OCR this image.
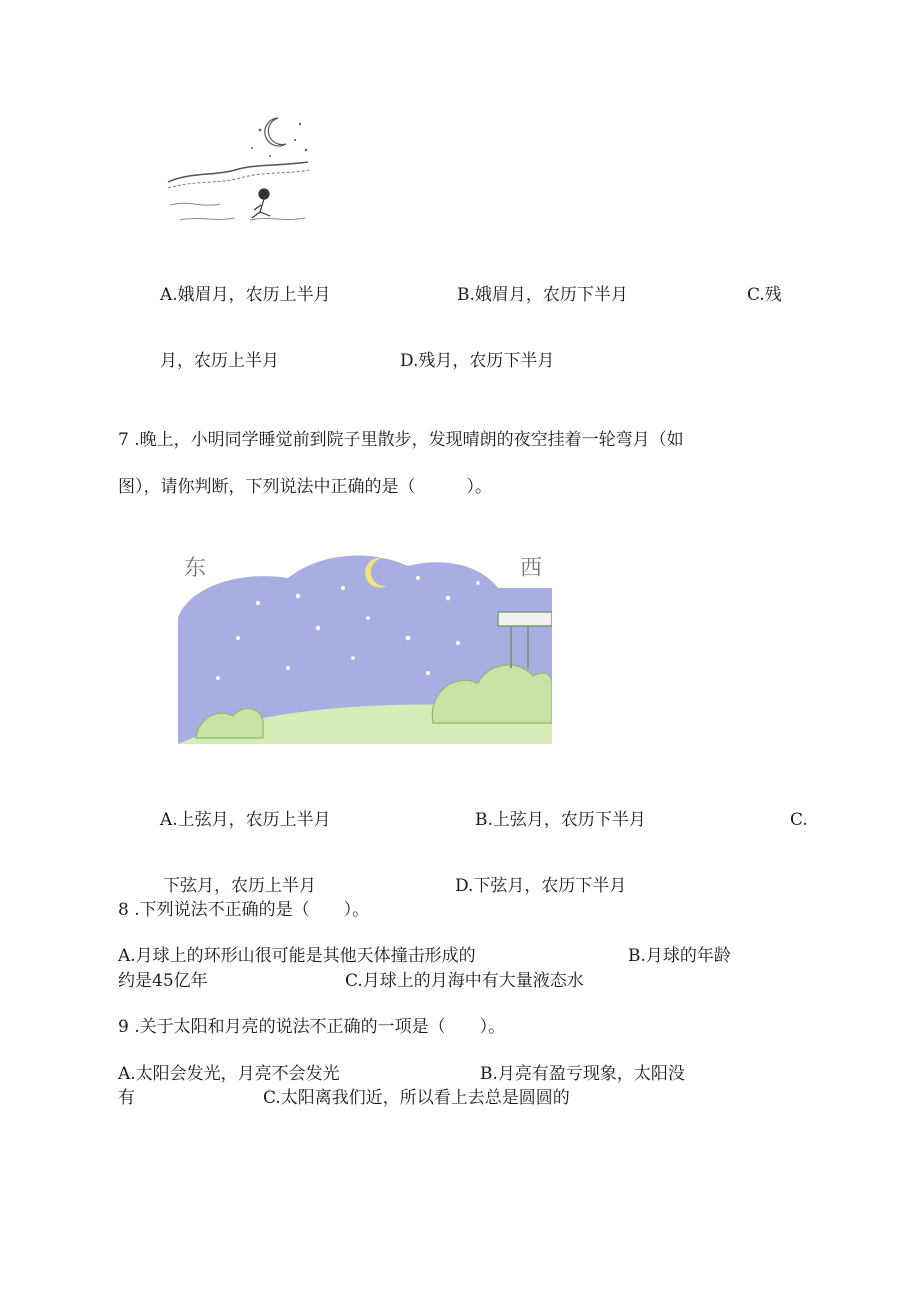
A.娥眉月，农历上半月	B.娥眉月，农历下半月	C.残
月，农历上半月	D.残月，农历下半月
7 .晚上，小明同学睡觉前到院子里散步，发现晴朗的夜空挂着一轮弯月（如
图），请你判断，下列说法中正确的是（　　　）。
东	西
A.上弦月，农历上半月	B.上弦月，农历下半月	C.
下弦月，农历上半月	D.下弦月，农历下半月
8 .下列说法不正确的是（　　）。
A.月球上的环形山很可能是其他天体撞击形成的	B.月球的年龄
约是45亿年	C.月球上的月海中有大量液态水
9 .关于太阳和月亮的说法不正确的一项是（　　）。
A.太阳会发光，月亮不会发光	B.月亮有盈亏现象，太阳没
有	C.太阳离我们近，所以看上去总是圆圆的
